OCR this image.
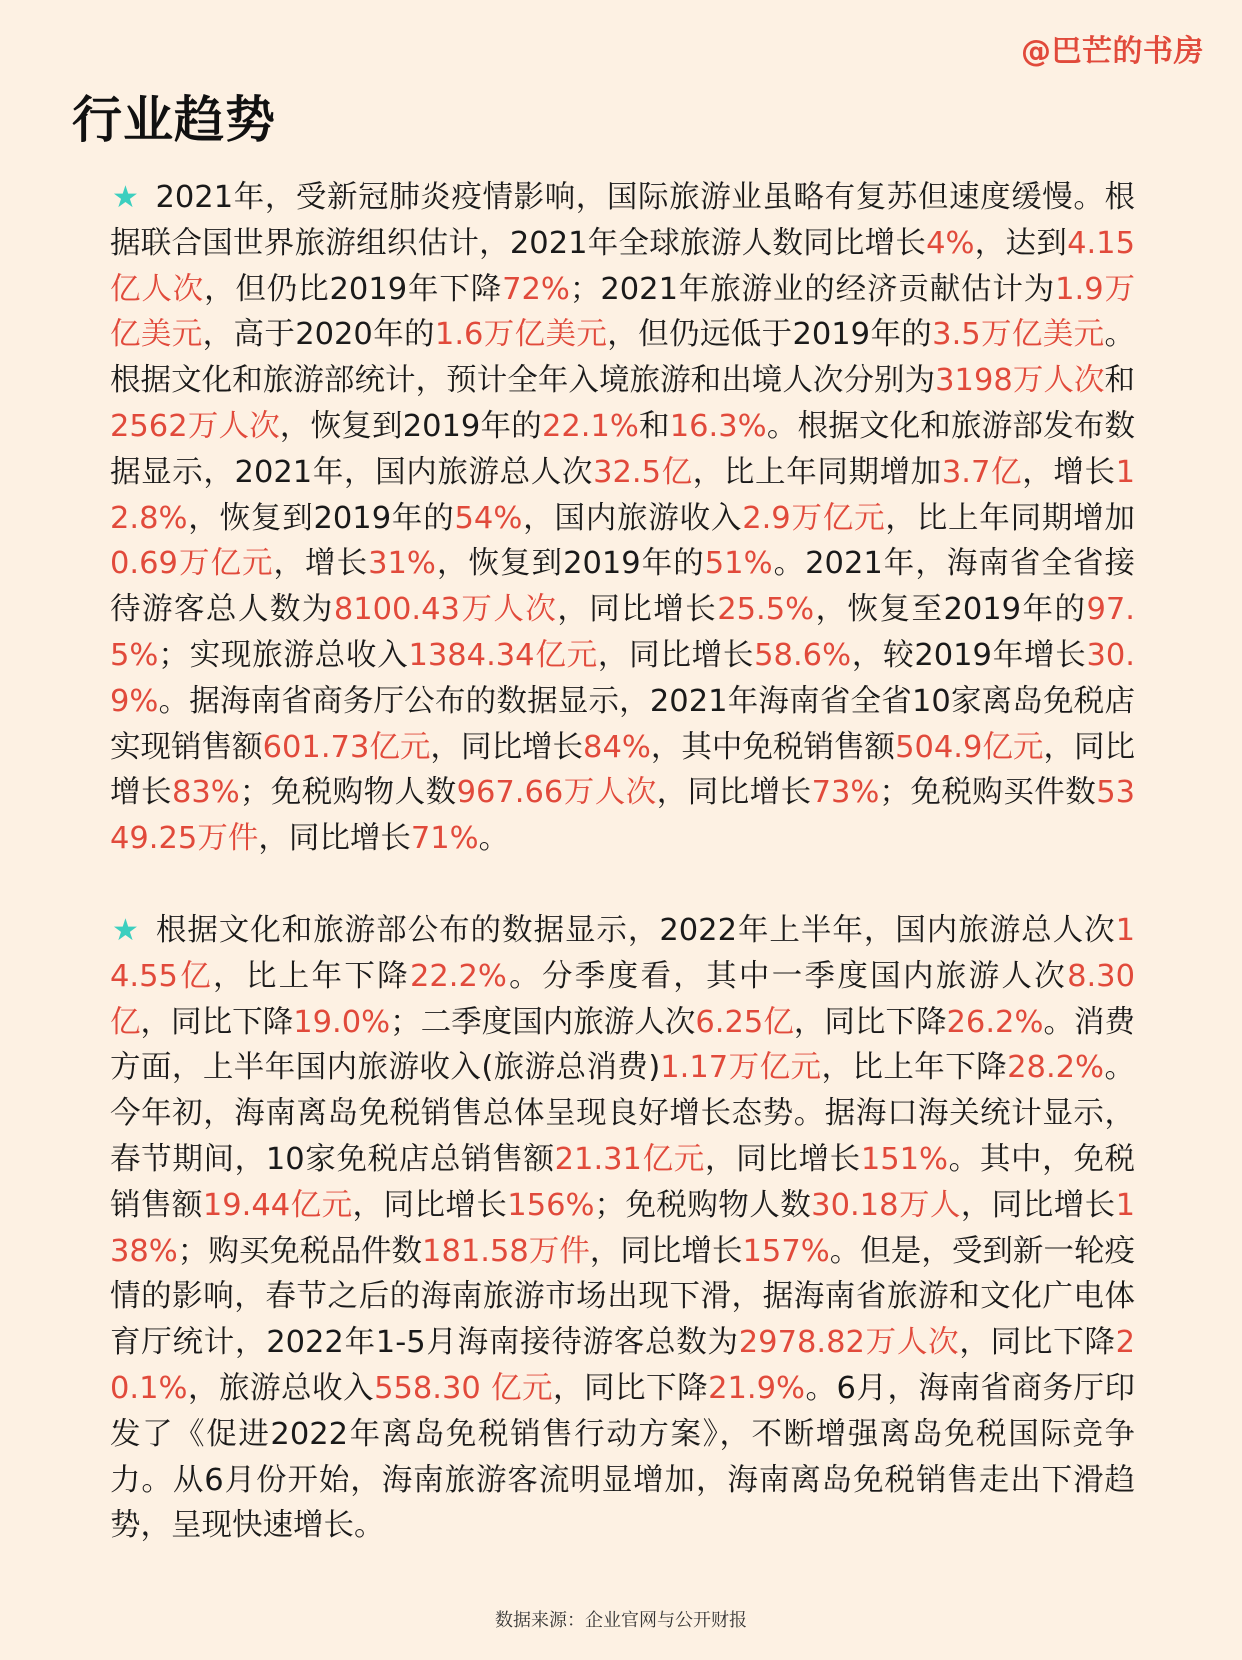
@巴芒的书房
行业趋势

★ 2021年，受新冠肺炎疫情影响，国际旅游业虽略有复苏但速度缓慢。根据联合国世界旅游组织估计，2021年全球旅游人数同比增长4%，达到4.15亿人次，但仍比2019年下降72%；2021年旅游业的经济贡献估计为1.9万亿美元，高于2020年的1.6万亿美元，但仍远低于2019年的3.5万亿美元。根据文化和旅游部统计，预计全年入境旅游和出境人次分别为3198万人次和2562万人次，恢复到2019年的22.1%和16.3%。根据文化和旅游部发布数据显示，2021年，国内旅游总人次32.5亿，比上年同期增加3.7亿，增长12.8%，恢复到2019年的54%，国内旅游收入2.9万亿元，比上年同期增加0.69万亿元，增长31%，恢复到2019年的51%。2021年，海南省全省接待游客总人数为8100.43万人次，同比增长25.5%，恢复至2019年的97.5%；实现旅游总收入1384.34亿元，同比增长58.6%，较2019年增长30.9%。据海南省商务厅公布的数据显示，2021年海南省全省10家离岛免税店实现销售额601.73亿元，同比增长84%，其中免税销售额504.9亿元，同比增长83%；免税购物人数967.66万人次，同比增长73%；免税购买件数5349.25万件，同比增长71%。

★ 根据文化和旅游部公布的数据显示，2022年上半年，国内旅游总人次14.55亿，比上年下降22.2%。分季度看，其中一季度国内旅游人次8.30亿，同比下降19.0%；二季度国内旅游人次6.25亿，同比下降26.2%。消费方面，上半年国内旅游收入(旅游总消费)1.17万亿元，比上年下降28.2%。今年初，海南离岛免税销售总体呈现良好增长态势。据海口海关统计显示，春节期间，10家免税店总销售额21.31亿元，同比增长151%。其中，免税销售额19.44亿元，同比增长156%；免税购物人数30.18万人，同比增长138%；购买免税品件数181.58万件，同比增长157%。但是，受到新一轮疫情的影响，春节之后的海南旅游市场出现下滑，据海南省旅游和文化广电体育厅统计，2022年1-5月海南接待游客总数为2978.82万人次，同比下降20.1%，旅游总收入558.30 亿元，同比下降21.9%。6月，海南省商务厅印发了《促进2022年离岛免税销售行动方案》，不断增强离岛免税国际竞争力。从6月份开始，海南旅游客流明显增加，海南离岛免税销售走出下滑趋势，呈现快速增长。

数据来源：企业官网与公开财报
